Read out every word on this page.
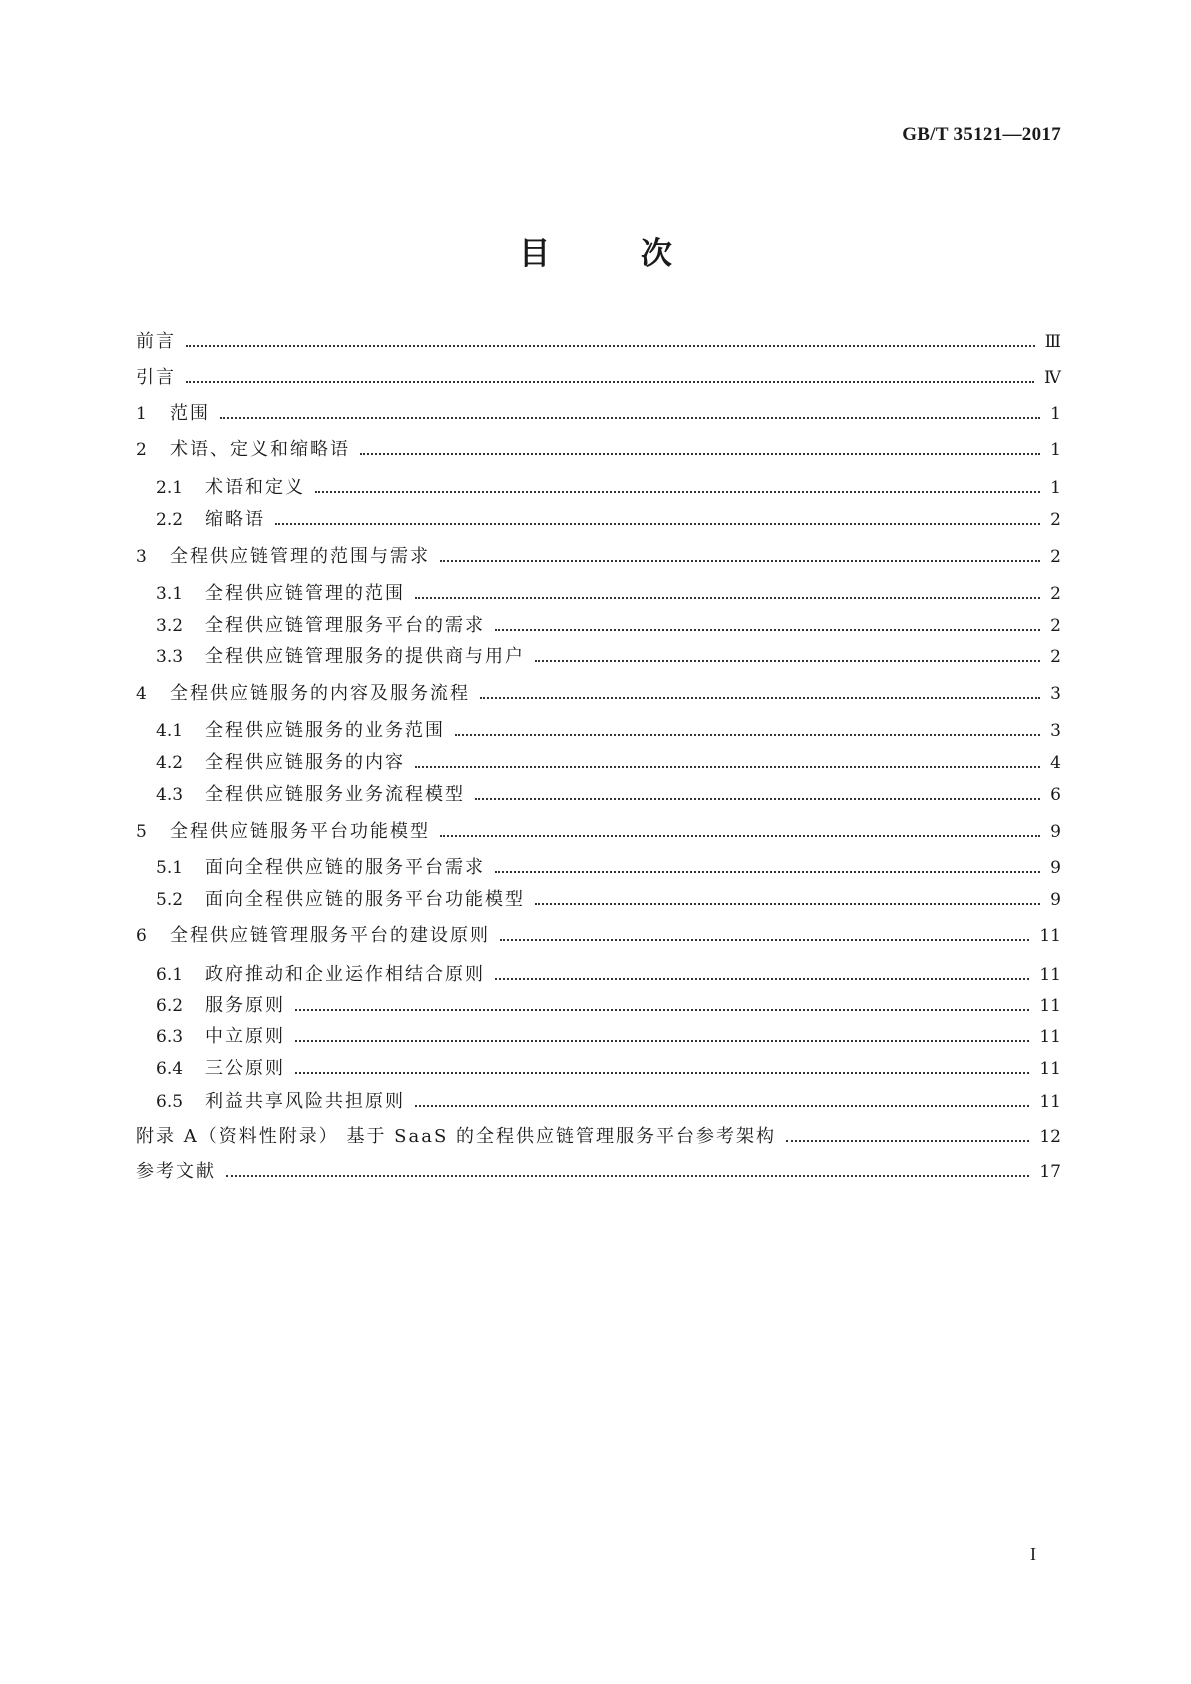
GB/T 35121—2017
目 次
前言	Ⅲ
引言	Ⅳ
1	范围	1
2	术语、定义和缩略语	1
2.1	术语和定义	1
2.2	缩略语	2
3	全程供应链管理的范围与需求	2
3.1	全程供应链管理的范围	2
3.2	全程供应链管理服务平台的需求	2
3.3	全程供应链管理服务的提供商与用户	2
4	全程供应链服务的内容及服务流程	3
4.1	全程供应链服务的业务范围	3
4.2	全程供应链服务的内容	4
4.3	全程供应链服务业务流程模型	6
5	全程供应链服务平台功能模型	9
5.1	面向全程供应链的服务平台需求	9
5.2	面向全程供应链的服务平台功能模型	9
6	全程供应链管理服务平台的建设原则	11
6.1	政府推动和企业运作相结合原则	11
6.2	服务原则	11
6.3	中立原则	11
6.4	三公原则	11
6.5	利益共享风险共担原则	11
附录 A（资料性附录） 基于 SaaS 的全程供应链管理服务平台参考架构	12
参考文献	17
I
